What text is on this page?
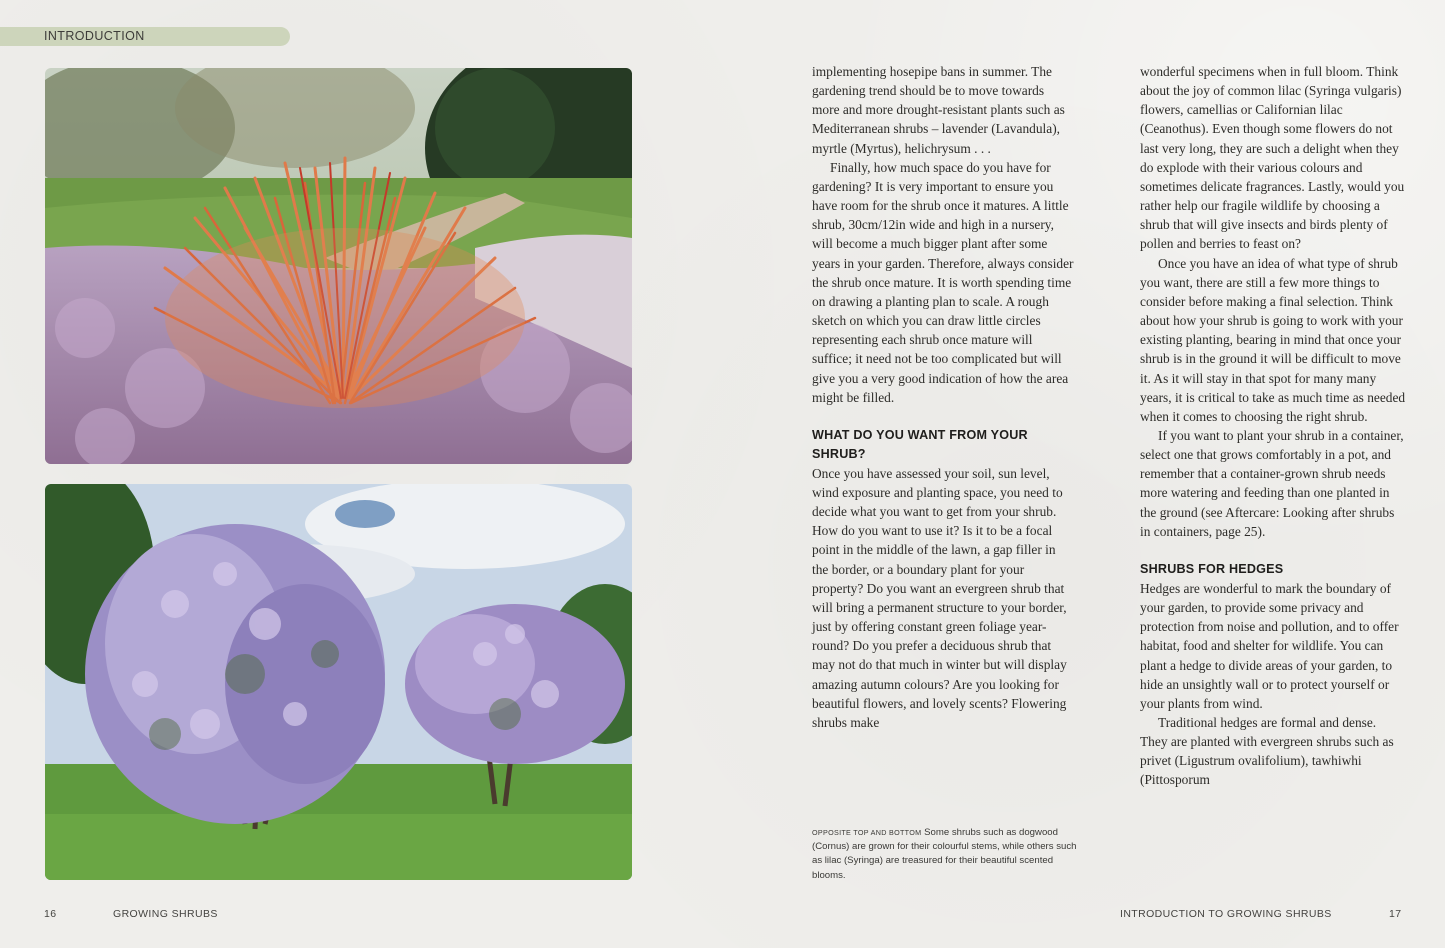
INTRODUCTION

implementing hosepipe bans in summer. The gardening trend should be to move towards more and more drought-resistant plants such as Mediterranean shrubs – lavender (Lavandula), myrtle (Myrtus), helichrysum . . .

Finally, how much space do you have for gardening? It is very important to ensure you have room for the shrub once it matures. A little shrub, 30cm/12in wide and high in a nursery, will become a much bigger plant after some years in your garden. Therefore, always consider the shrub once mature. It is worth spending time on drawing a planting plan to scale. A rough sketch on which you can draw little circles representing each shrub once mature will suffice; it need not be too complicated but will give you a very good indication of how the area might be filled.

WHAT DO YOU WANT FROM YOUR SHRUB?

Once you have assessed your soil, sun level, wind exposure and planting space, you need to decide what you want to get from your shrub. How do you want to use it? Is it to be a focal point in the middle of the lawn, a gap filler in the border, or a boundary plant for your property? Do you want an evergreen shrub that will bring a permanent structure to your border, just by offering constant green foliage year-round? Do you prefer a deciduous shrub that may not do that much in winter but will display amazing autumn colours? Are you looking for beautiful flowers, and lovely scents? Flowering shrubs make

wonderful specimens when in full bloom. Think about the joy of common lilac (Syringa vulgaris) flowers, camellias or Californian lilac (Ceanothus). Even though some flowers do not last very long, they are such a delight when they do explode with their various colours and sometimes delicate fragrances. Lastly, would you rather help our fragile wildlife by choosing a shrub that will give insects and birds plenty of pollen and berries to feast on?

Once you have an idea of what type of shrub you want, there are still a few more things to consider before making a final selection. Think about how your shrub is going to work with your existing planting, bearing in mind that once your shrub is in the ground it will be difficult to move it. As it will stay in that spot for many many years, it is critical to take as much time as needed when it comes to choosing the right shrub.

If you want to plant your shrub in a container, select one that grows comfortably in a pot, and remember that a container-grown shrub needs more watering and feeding than one planted in the ground (see Aftercare: Looking after shrubs in containers, page 25).

SHRUBS FOR HEDGES

Hedges are wonderful to mark the boundary of your garden, to provide some privacy and protection from noise and pollution, and to offer habitat, food and shelter for wildlife. You can plant a hedge to divide areas of your garden, to hide an unsightly wall or to protect yourself or your plants from wind.

Traditional hedges are formal and dense. They are planted with evergreen shrubs such as privet (Ligustrum ovalifolium), tawhiwhi (Pittosporum

OPPOSITE TOP AND BOTTOM Some shrubs such as dogwood (Cornus) are grown for their colourful stems, while others such as lilac (Syringa) are treasured for their beautiful scented blooms.
16	GROWING SHRUBS	INTRODUCTION TO GROWING SHRUBS	17
